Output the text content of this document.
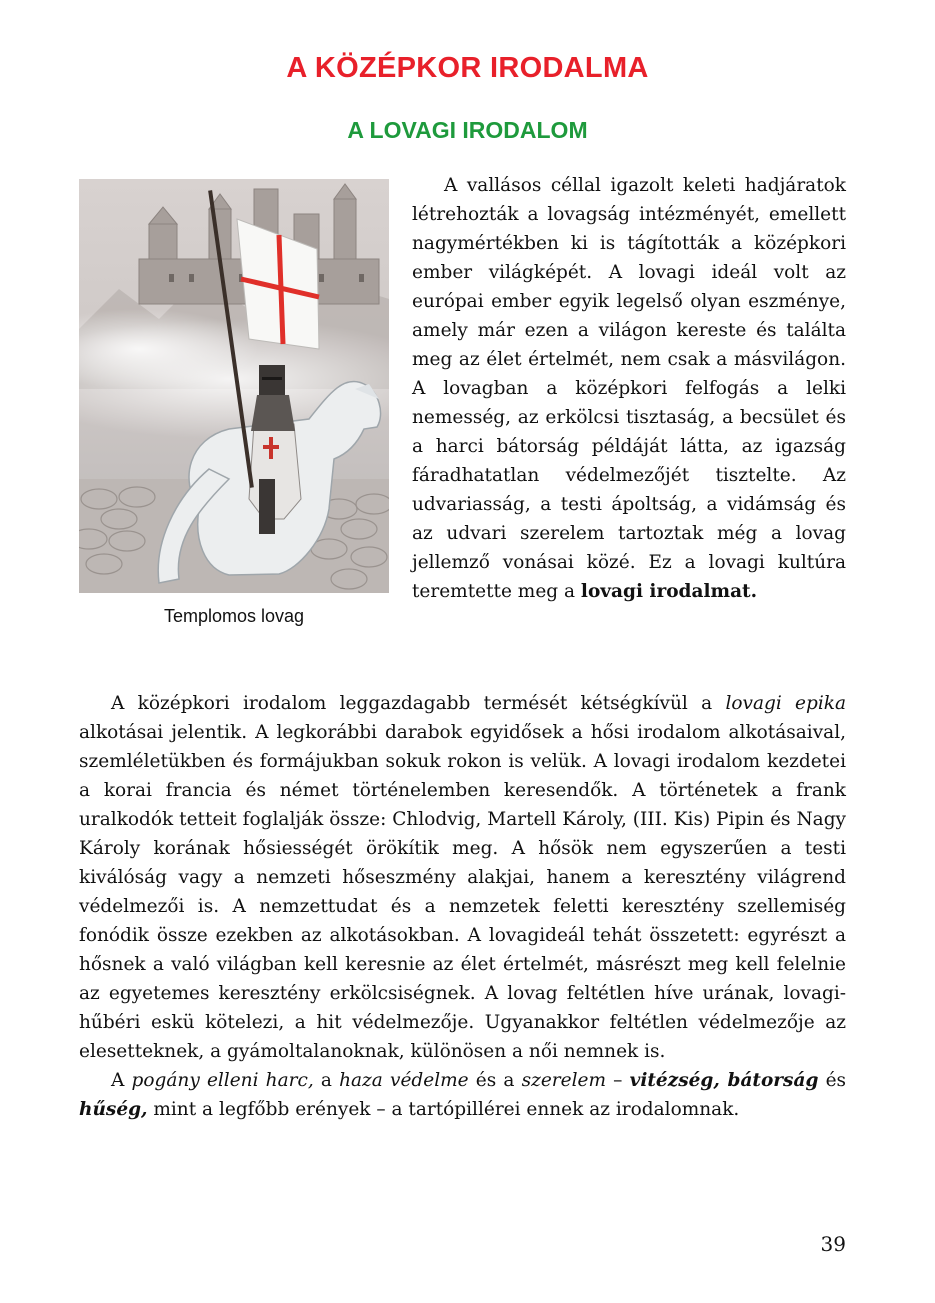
A KÖZÉPKOR IRODALMA
A LOVAGI IRODALOM
Templomos lovag

A vallásos céllal igazolt keleti hadjáratok létrehozták a lovagság intézményét, emellett nagymértékben ki is tágították a középkori ember világképét. A lovagi ideál volt az európai ember egyik legelső olyan eszménye, amely már ezen a világon kereste és találta meg az élet értelmét, nem csak a másvilágon. A lovagban a középkori felfogás a lelki nemesség, az erkölcsi tisztaság, a becsület és a harci bátorság példáját látta, az igazság fáradhatatlan védelmezőjét tisztelte. Az udvariasság, a testi ápoltság, a vidámság és az udvari szerelem tartoztak még a lovag jellemző vonásai közé. Ez a lovagi kultúra teremtette meg a lovagi irodalmat.

A középkori irodalom leggazdagabb termését kétségkívül a lovagi epika alkotásai jelentik. A legkorábbi darabok egyidősek a hősi irodalom alkotásaival, szemléletükben és formájukban sokuk rokon is velük. A lovagi irodalom kezdetei a korai francia és német történelemben keresendők. A történetek a frank uralkodók tetteit foglalják össze: Chlodvig, Martell Károly, (III. Kis) Pipin és Nagy Károly korának hősiességét örökítik meg. A hősök nem egyszerűen a testi kiválóság vagy a nemzeti hőseszmény alakjai, hanem a keresztény világrend védelmezői is. A nemzettudat és a nemzetek feletti keresztény szellemiség fonódik össze ezekben az alkotásokban. A lovagideál tehát összetett: egyrészt a hősnek a való világban kell keresnie az élet értelmét, másrészt meg kell felelnie az egyetemes keresztény erkölcsiségnek. A lovag feltétlen híve urának, lovagi-hűbéri eskü kötelezi, a hit védelmezője. Ugyanakkor feltétlen védelmezője az elesetteknek, a gyámoltalanoknak, különösen a női nemnek is.

A pogány elleni harc, a haza védelme és a szerelem – vitézség, bátorság és hűség, mint a legfőbb erények – a tartópillérei ennek az irodalomnak.

39
